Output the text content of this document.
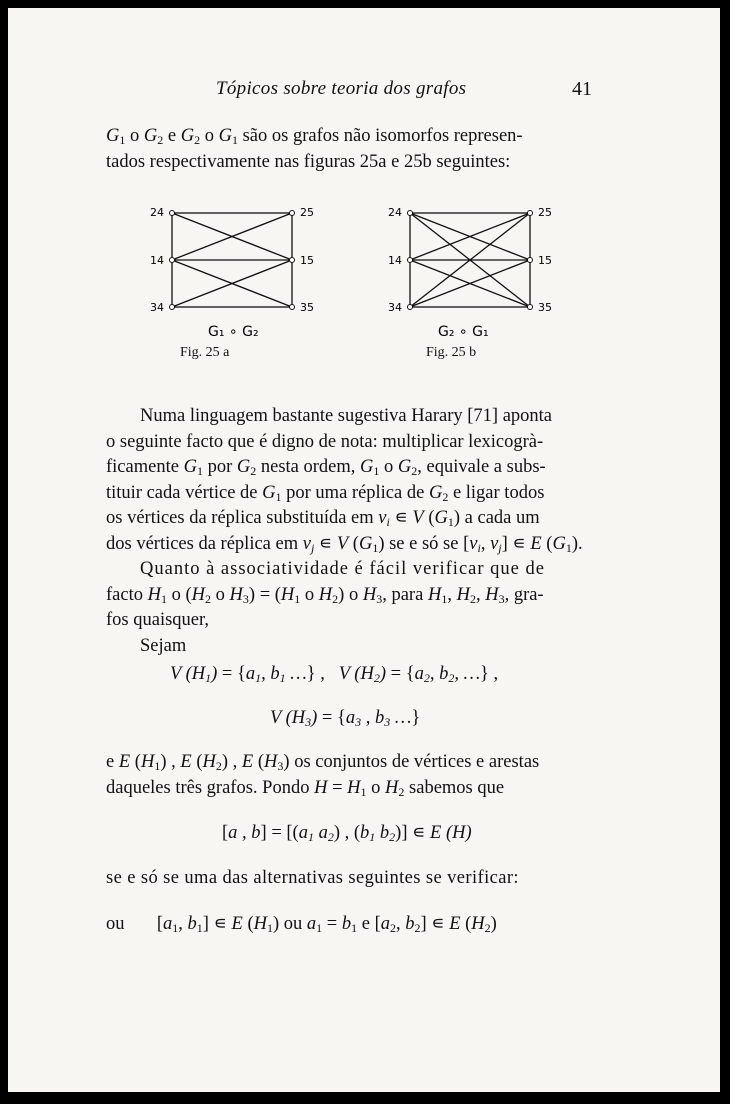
Tópicos sobre teoria dos grafos	41
$G_1$ o $G_2$ e $G_2$ o $G_1$ são os grafos não isomorfos represen-
tados respectivamente nas figuras 25a e 25b seguintes:
24
14
34
25
15
35
G₁ ∘ G₂
Fig. 25 a
24
14
34
25
15
35
G₂ ∘ G₁
Fig. 25 b
Numa linguagem bastante sugestiva Harary [71] aponta
o seguinte facto que é digno de nota: multiplicar lexicogrà-
ficamente $G_1$ por $G_2$ nesta ordem, $G_1$ o $G_2$, equivale a subs-
tituir cada vértice de $G_1$ por uma réplica de $G_2$ e ligar todos
os vértices da réplica substituída em $v_i$ ∊ V $(G_1)$ a cada um
dos vértices da réplica em $v_j$ ∊ V $(G_1)$ se e só se [$v_i$, $v_j$] ∊ E $(G_1)$.
Quanto à associatividade é fácil verificar que de
facto $H_1$ o ($H_2$ o $H_3) = (H_1$ o $H_2$) o $H_3$, para $H_1$, $H_2$, $H_3$, gra-
fos quaisquer,
Sejam
V $(H_1) = \{a_1$, $b_1$ …} ,   V $(H_2) = \{a_2$, $b_2$, …} ,
V $(H_3) = \{a_3$ , $b_3$ …}
e E $(H_1)$ , E $(H_2)$ , E $(H_3)$ os conjuntos de vértices e arestas
daqueles três grafos. Pondo $H = H_1$ o $H_2$ sabemos que
[a , $b] = [(a_1$ $a_2$) , ($b_1$ $b_2$)] ∊ E (H)
se e só se uma das alternativas seguintes se verificar:
ou       [$a_1$, $b_1$] ∊ E $(H_1)$ ou $a_1 = b_1$ e [$a_2$, $b_2$] ∊ E $(H_2)$
